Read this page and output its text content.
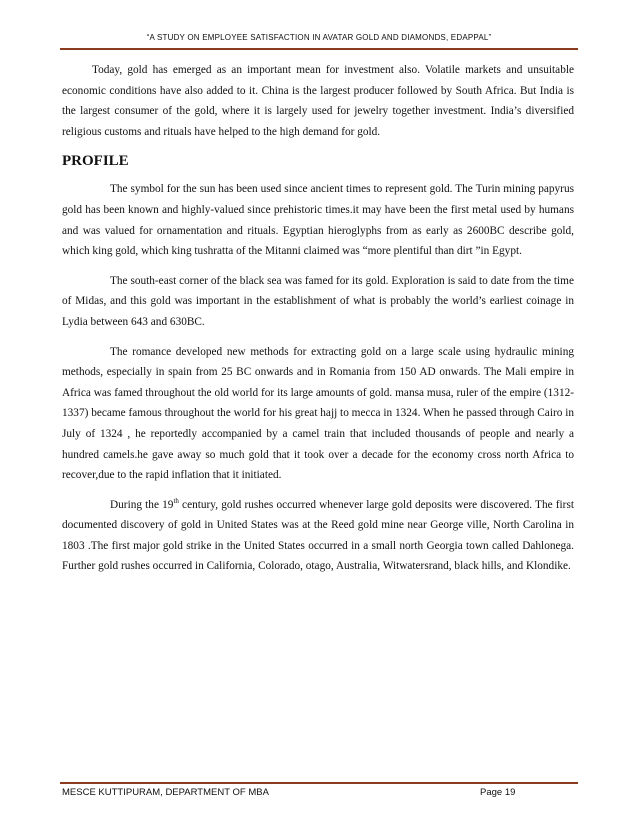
“A STUDY ON EMPLOYEE SATISFACTION IN AVATAR GOLD AND DIAMONDS, EDAPPAL”

Today, gold has emerged as an important mean for investment also. Volatile markets and unsuitable economic conditions have also added to it. China is the largest producer followed by South Africa. But India is the largest consumer of the gold, where it is largely used for jewelry together investment. India’s diversified religious customs and rituals have helped to the high demand for gold.

PROFILE

The symbol for the sun has been used since ancient times to represent gold. The Turin mining papyrus gold has been known and highly-valued since prehistoric times.it may have been the first metal used by humans and was valued for ornamentation and rituals. Egyptian hieroglyphs from as early as 2600BC describe gold, which king gold, which king tushratta of the Mitanni claimed was “more plentiful than dirt ”in Egypt.

The south-east corner of the black sea was famed for its gold. Exploration is said to date from the time of Midas, and this gold was important in the establishment of what is probably the world’s earliest coinage in Lydia between 643 and 630BC.

The romance developed new methods for extracting gold on a large scale using hydraulic mining methods, especially in spain from 25 BC onwards and in Romania from 150 AD onwards. The Mali empire in Africa was famed throughout the old world for its large amounts of gold. mansa musa, ruler of the empire (1312-1337) became famous throughout the world for his great hajj to mecca in 1324. When he passed through Cairo in July of 1324 , he reportedly accompanied by a camel train that included thousands of people and nearly a hundred camels.he gave away so much gold that it took over a decade for the economy cross north Africa to recover,due to the rapid inflation that it initiated.

During the 19th century, gold rushes occurred whenever large gold deposits were discovered. The first documented discovery of gold in United States was at the Reed gold mine near George ville, North Carolina in 1803 .The first major gold strike in the United States occurred in a small north Georgia town called Dahlonega. Further gold rushes occurred in California, Colorado, otago, Australia, Witwatersrand, black hills, and Klondike.

MESCE KUTTIPURAM, DEPARTMENT OF MBA	Page 19
